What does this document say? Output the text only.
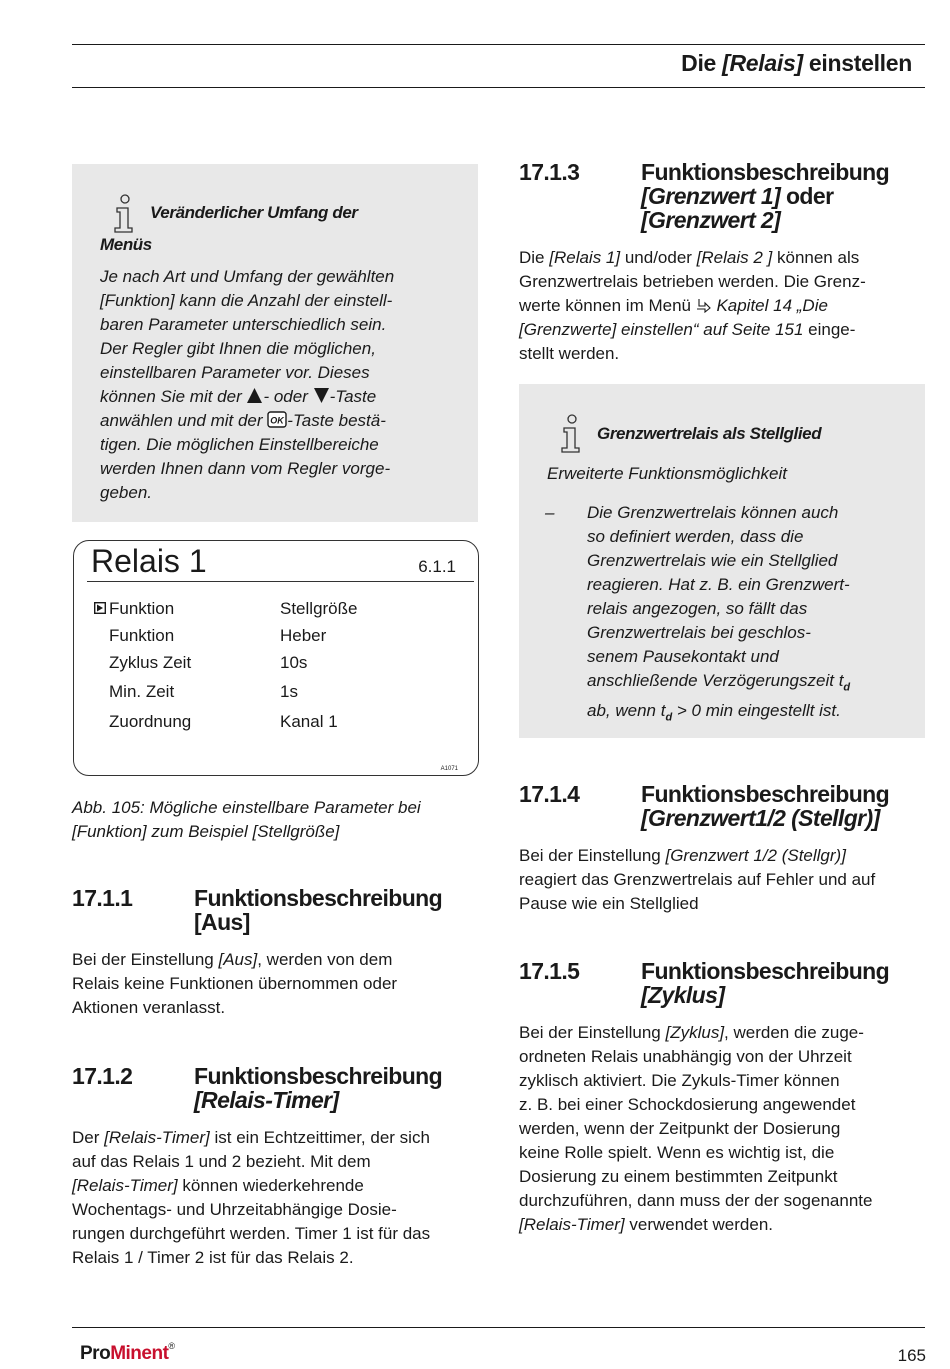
Die [Relais] einstellen
Veränderlicher Umfang der
Menüs
Je nach Art und Umfang der gewählten
[Funktion] kann die Anzahl der einstell-
baren Parameter unterschiedlich sein.
Der Regler gibt Ihnen die möglichen,
einstellbaren Parameter vor. Dieses
können Sie mit der - oder -Taste
anwählen und mit der OK -Taste bestä-
tigen. Die möglichen Einstellbereiche
werden Ihnen dann vom Regler vorge-
geben.
Relais 1	6.1.1
Funktion	Stellgröße
Funktion	Heber
Zyklus Zeit	10s
Min. Zeit	1s
Zuordnung	Kanal 1
A1071
Abb. 105: Mögliche einstellbare Parameter bei
[Funktion] zum Beispiel [Stellgröße]
17.1.1	Funktionsbeschreibung
[Aus]
Bei der Einstellung [Aus], werden von dem
Relais keine Funktionen übernommen oder
Aktionen veranlasst.
17.1.2	Funktionsbeschreibung
[Relais-Timer]
Der [Relais-Timer] ist ein Echtzeittimer, der sich
auf das Relais 1 und 2 bezieht. Mit dem
[Relais-Timer] können wiederkehrende
Wochentags- und Uhrzeitabhängige Dosie-
rungen durchgeführt werden. Timer 1 ist für das
Relais 1 / Timer 2 ist für das Relais 2.
17.1.3	Funktionsbeschreibung
[Grenzwert 1] oder
[Grenzwert 2]
Die [Relais 1] und/oder [Relais 2 ] können als
Grenzwertrelais betrieben werden. Die Grenz-
werte können im Menü  Kapitel 14 „Die
[Grenzwerte] einstellen“ auf Seite 151 einge-
stellt werden.
Grenzwertrelais als Stellglied
Erweiterte Funktionsmöglichkeit
– Die Grenzwertrelais können auch
so definiert werden, dass die
Grenzwertrelais wie ein Stellglied
reagieren. Hat z. B. ein Grenzwert-
relais angezogen, so fällt das
Grenzwertrelais bei geschlos-
senem Pausekontakt und
anschließende Verzögerungszeit $t_d$
ab, wenn $t_d > 0$ min eingestellt ist.
17.1.4	Funktionsbeschreibung
[Grenzwert1/2 (Stellgr)]
Bei der Einstellung [Grenzwert 1/2 (Stellgr)]
reagiert das Grenzwertrelais auf Fehler und auf
Pause wie ein Stellglied
17.1.5	Funktionsbeschreibung
[Zyklus]
Bei der Einstellung [Zyklus], werden die zuge-
ordneten Relais unabhängig von der Uhrzeit
zyklisch aktiviert. Die Zykuls-Timer können
z. B. bei einer Schockdosierung angewendet
werden, wenn der Zeitpunkt der Dosierung
keine Rolle spielt. Wenn es wichtig ist, die
Dosierung zu einem bestimmten Zeitpunkt
durchzuführen, dann muss der der sogenannte
[Relais-Timer] verwendet werden.
ProMinent®
165
